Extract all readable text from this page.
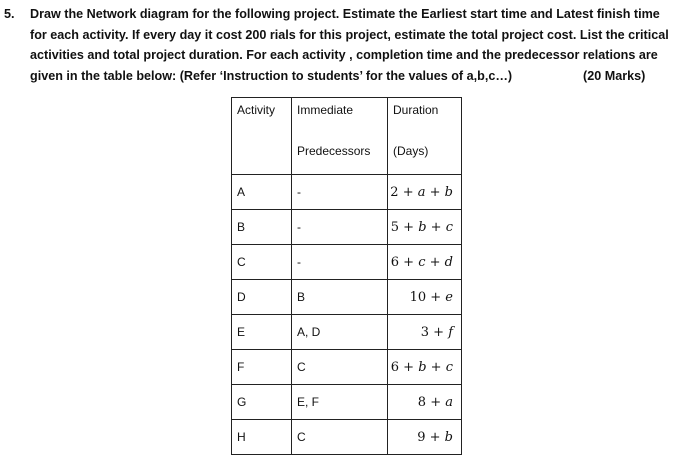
5. Draw the Network diagram for the following project. Estimate the Earliest start time and Latest finish time
for each activity. If every day it cost 200 rials for this project, estimate the total project cost. List the critical
activities and total project duration. For each activity , completion time and the predecessor relations are
given in the table below: (Refer ‘Instruction to students’ for the values of a,b,c…)	(20 Marks)
Activity	Immediate	Duration
	Predecessors	(Days)
A	-	2 + a + b
B	-	5 + b + c
C	-	6 + c + d
D	B	10 + e
E	A, D	3 + f
F	C	6 + b + c
G	E, F	8 + a
H	C	9 + b
